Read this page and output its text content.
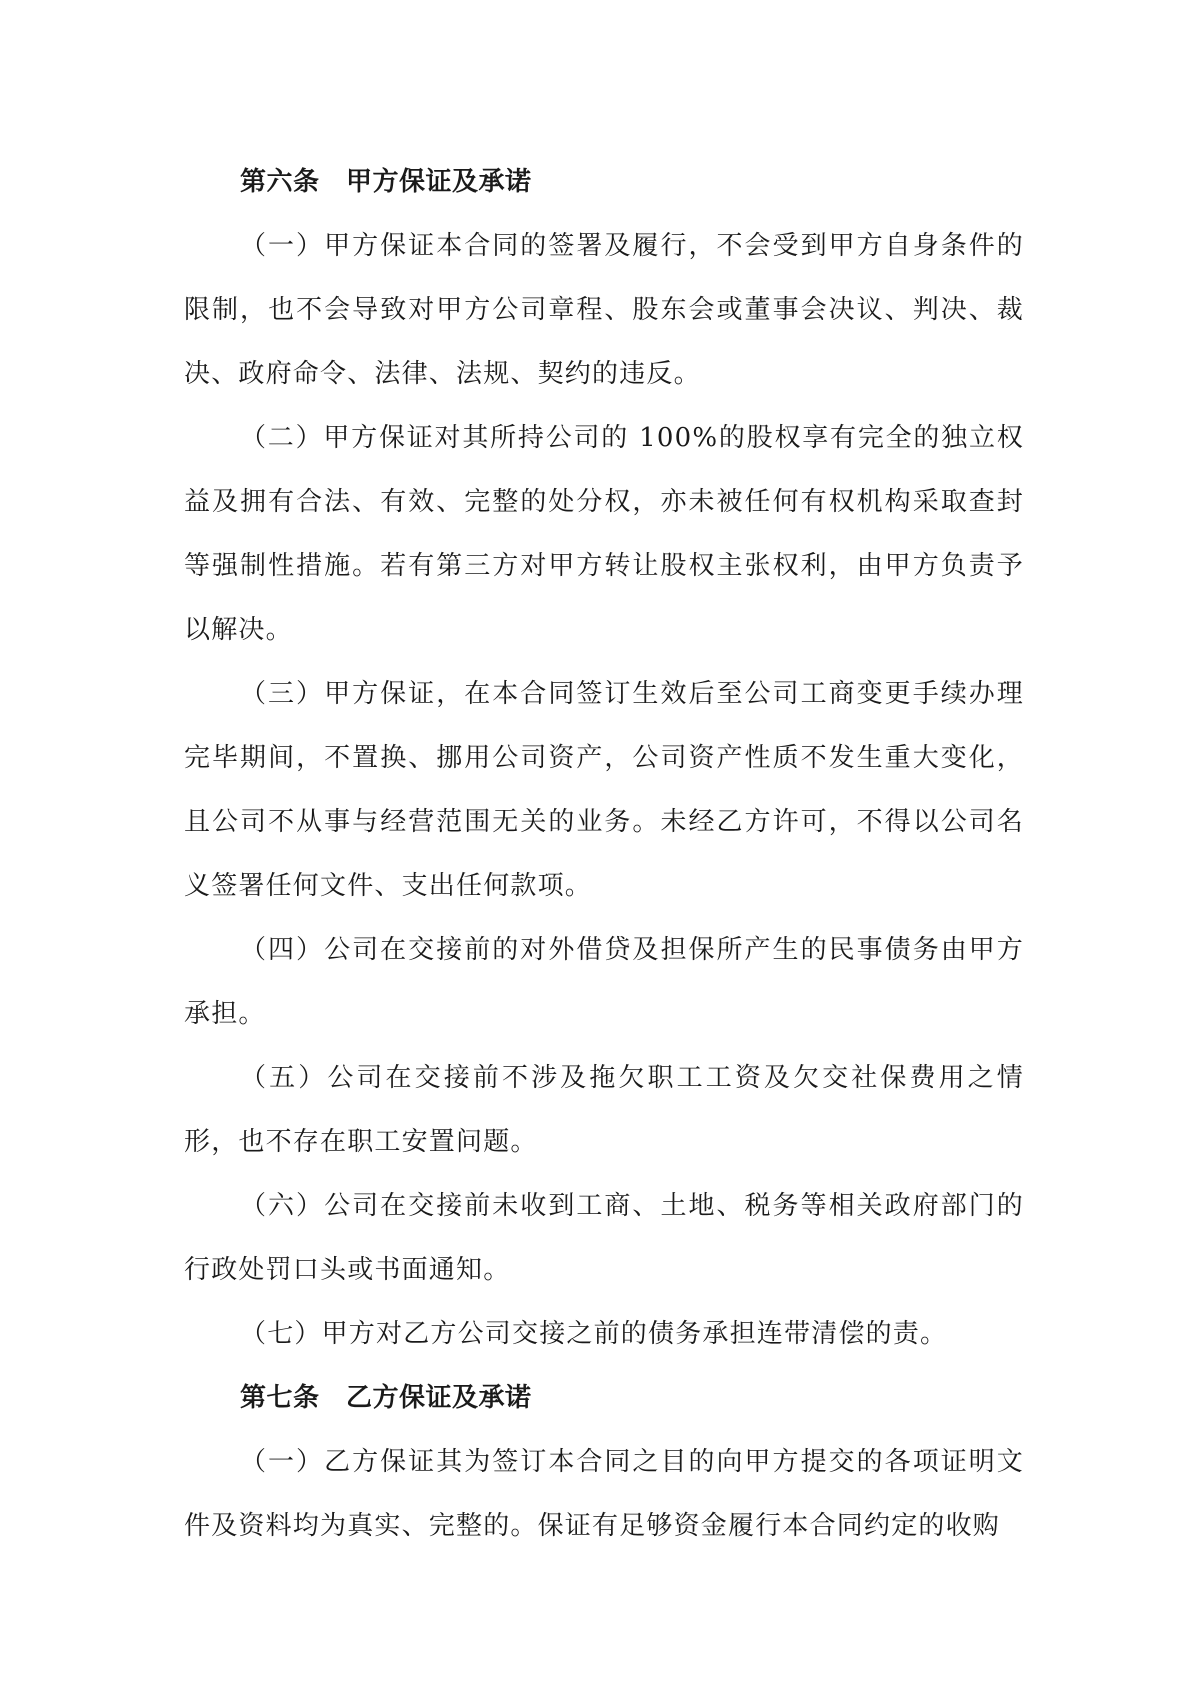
第六条　甲方保证及承诺

（一）甲方保证本合同的签署及履行，不会受到甲方自身条件的限制，也不会导致对甲方公司章程、股东会或董事会决议、判决、裁决、政府命令、法律、法规、契约的违反。

（二）甲方保证对其所持公司的 100%的股权享有完全的独立权益及拥有合法、有效、完整的处分权，亦未被任何有权机构采取查封等强制性措施。若有第三方对甲方转让股权主张权利，由甲方负责予以解决。

（三）甲方保证，在本合同签订生效后至公司工商变更手续办理完毕期间，不置换、挪用公司资产，公司资产性质不发生重大变化，且公司不从事与经营范围无关的业务。未经乙方许可，不得以公司名义签署任何文件、支出任何款项。

（四）公司在交接前的对外借贷及担保所产生的民事债务由甲方承担。

（五）公司在交接前不涉及拖欠职工工资及欠交社保费用之情形，也不存在职工安置问题。

（六）公司在交接前未收到工商、土地、税务等相关政府部门的行政处罚口头或书面通知。

（七）甲方对乙方公司交接之前的债务承担连带清偿的责。

第七条　乙方保证及承诺

（一）乙方保证其为签订本合同之目的向甲方提交的各项证明文件及资料均为真实、完整的。保证有足够资金履行本合同约定的收购
